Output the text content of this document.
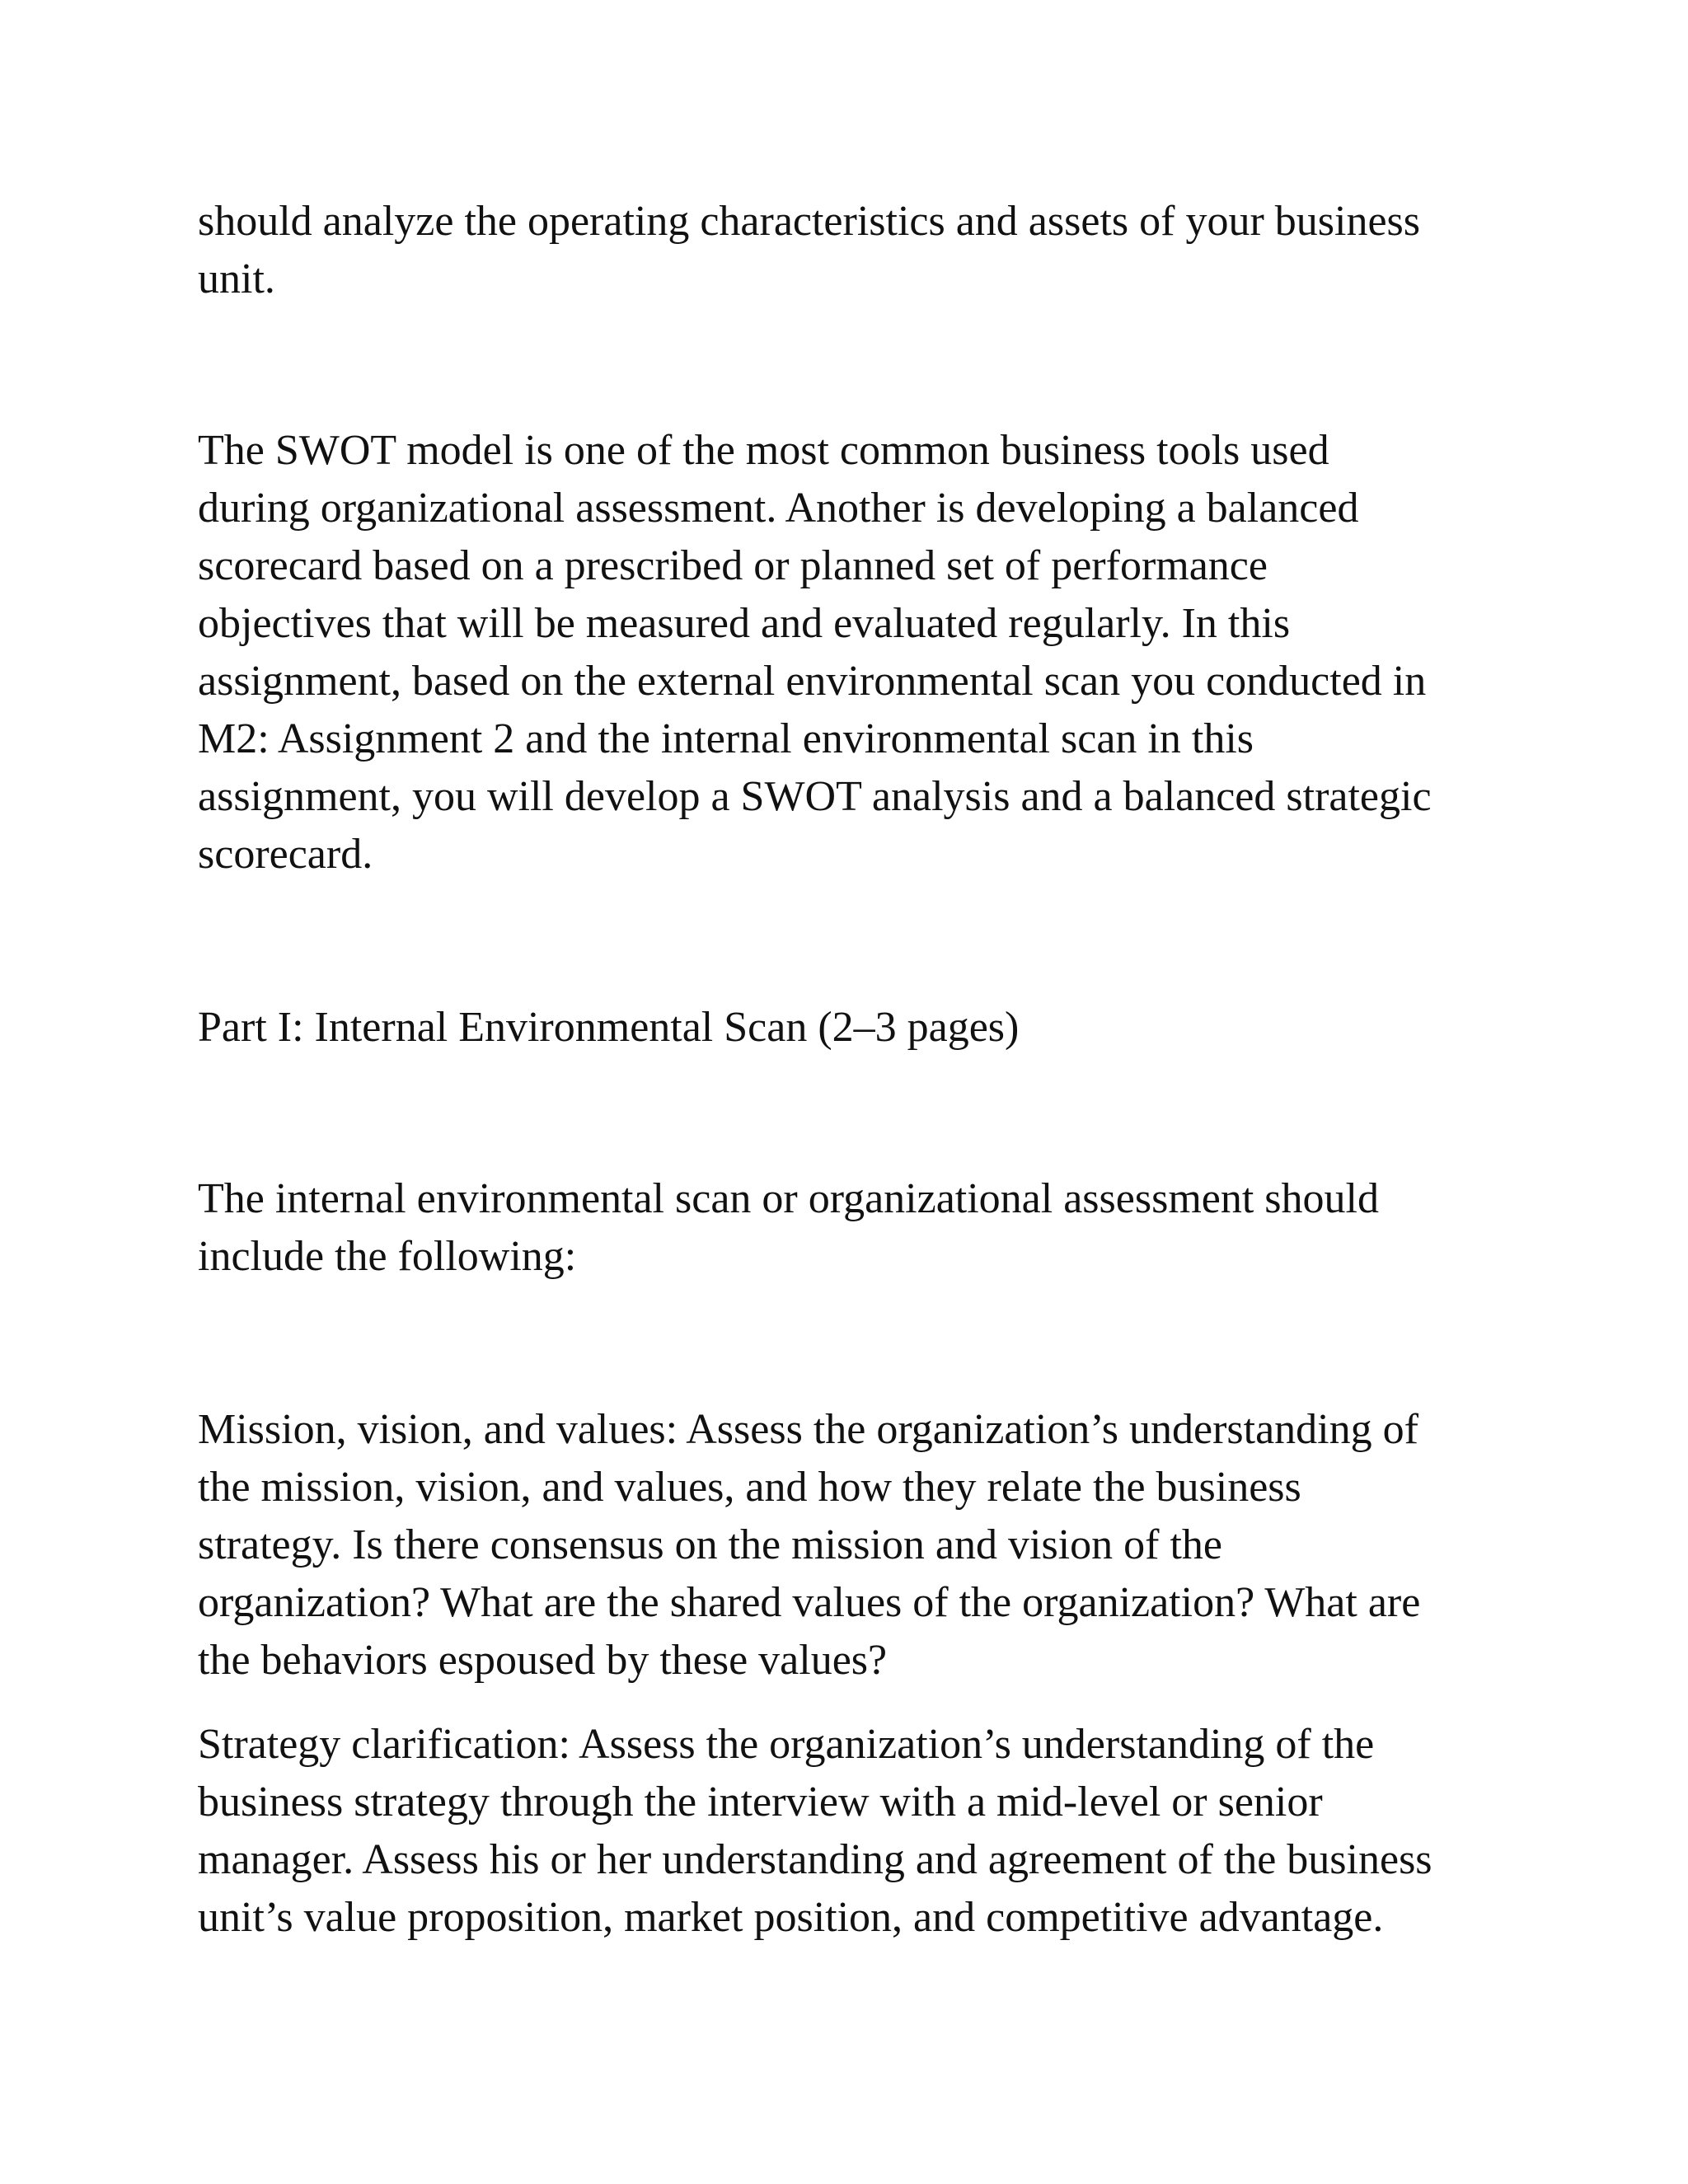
should analyze the operating characteristics and assets of your business
unit.

The SWOT model is one of the most common business tools used
during organizational assessment. Another is developing a balanced
scorecard based on a prescribed or planned set of performance
objectives that will be measured and evaluated regularly. In this
assignment, based on the external environmental scan you conducted in
M2: Assignment 2 and the internal environmental scan in this
assignment, you will develop a SWOT analysis and a balanced strategic
scorecard.

Part I: Internal Environmental Scan (2–3 pages)

The internal environmental scan or organizational assessment should
include the following:

Mission, vision, and values: Assess the organization’s understanding of
the mission, vision, and values, and how they relate the business
strategy. Is there consensus on the mission and vision of the
organization? What are the shared values of the organization? What are
the behaviors espoused by these values?

Strategy clarification: Assess the organization’s understanding of the
business strategy through the interview with a mid-level or senior
manager. Assess his or her understanding and agreement of the business
unit’s value proposition, market position, and competitive advantage.
